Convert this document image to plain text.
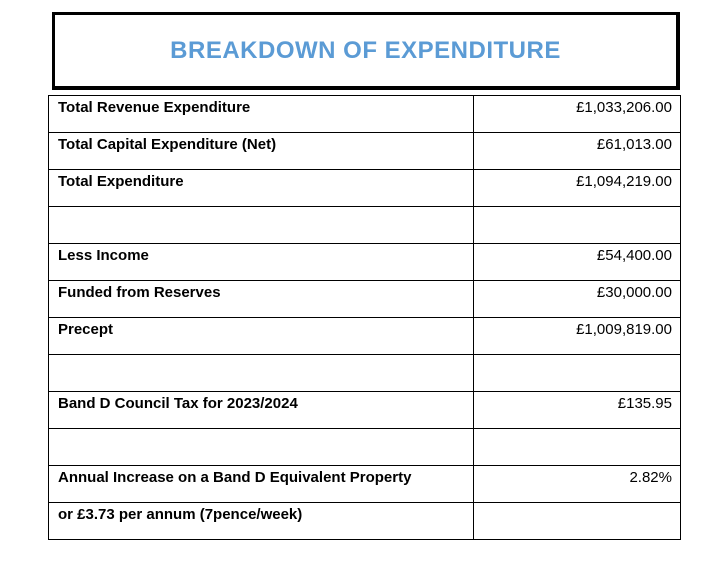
BREAKDOWN OF EXPENDITURE
Total Revenue Expenditure	£1,033,206.00
Total Capital Expenditure (Net)	£61,013.00
Total Expenditure	£1,094,219.00

Less Income	£54,400.00
Funded from Reserves	£30,000.00
Precept	£1,009,819.00

Band D Council Tax for 2023/2024	£135.95

Annual Increase on a Band D Equivalent Property	2.82%
or £3.73 per annum (7pence/week)	
